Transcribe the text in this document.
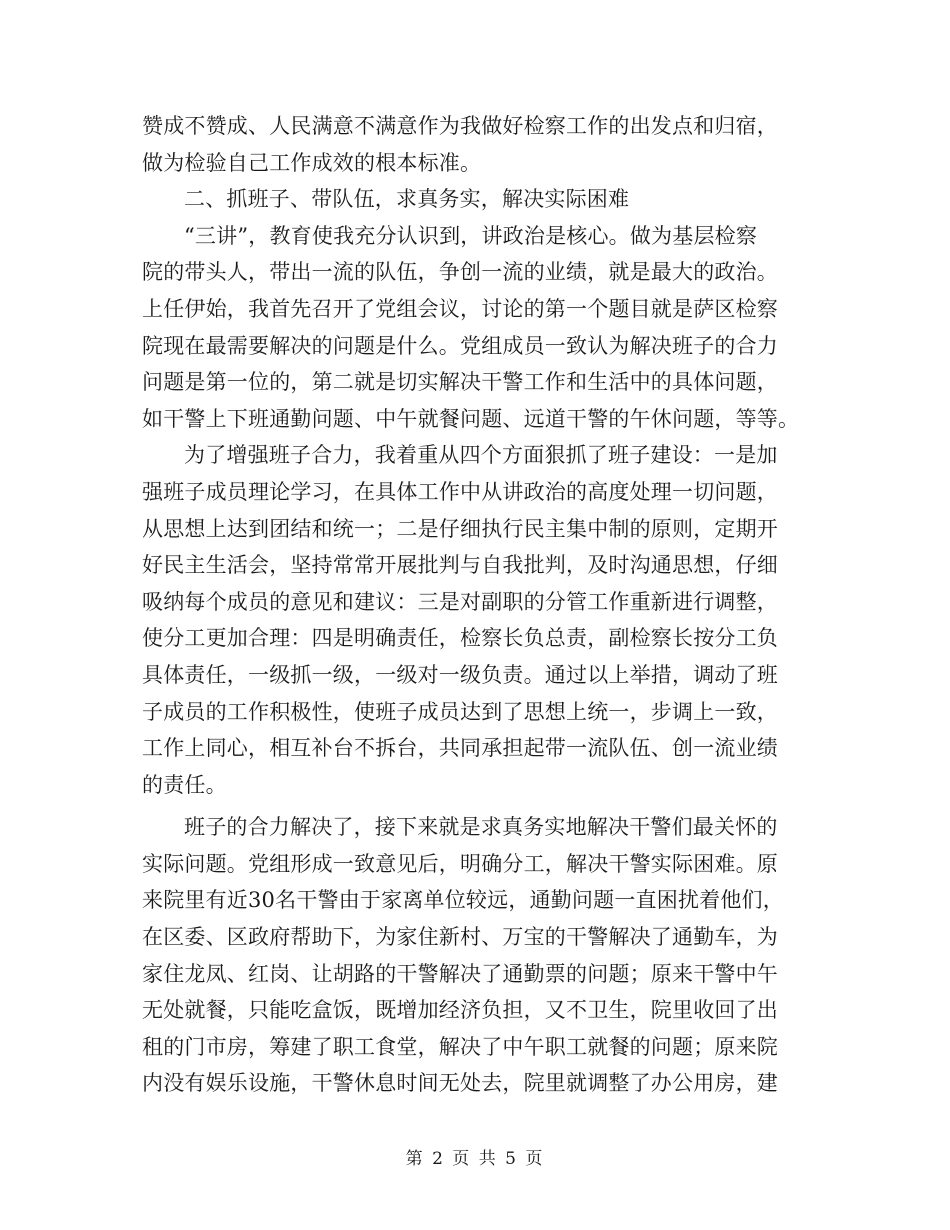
赞成不赞成、人民满意不满意作为我做好检察工作的出发点和归宿，
做为检验自己工作成效的根本标准。
二、抓班子、带队伍，求真务实，解决实际困难
“三讲”，教育使我充分认识到，讲政治是核心。做为基层检察
院的带头人，带出一流的队伍，争创一流的业绩，就是最大的政治。
上任伊始，我首先召开了党组会议，讨论的第一个题目就是萨区检察
院现在最需要解决的问题是什么。党组成员一致认为解决班子的合力
问题是第一位的，第二就是切实解决干警工作和生活中的具体问题，
如干警上下班通勤问题、中午就餐问题、远道干警的午休问题，等等。
为了增强班子合力，我着重从四个方面狠抓了班子建设：一是加
强班子成员理论学习，在具体工作中从讲政治的高度处理一切问题，
从思想上达到团结和统一；二是仔细执行民主集中制的原则，定期开
好民主生活会，坚持常常开展批判与自我批判，及时沟通思想，仔细
吸纳每个成员的意见和建议：三是对副职的分管工作重新进行调整，
使分工更加合理：四是明确责任，检察长负总责，副检察长按分工负
具体责任，一级抓一级，一级对一级负责。通过以上举措，调动了班
子成员的工作积极性，使班子成员达到了思想上统一，步调上一致，
工作上同心，相互补台不拆台，共同承担起带一流队伍、创一流业绩
的责任。
班子的合力解决了，接下来就是求真务实地解决干警们最关怀的
实际问题。党组形成一致意见后，明确分工，解决干警实际困难。原
来院里有近30名干警由于家离单位较远，通勤问题一直困扰着他们，
在区委、区政府帮助下，为家住新村、万宝的干警解决了通勤车，为
家住龙凤、红岗、让胡路的干警解决了通勤票的问题；原来干警中午
无处就餐，只能吃盒饭，既增加经济负担，又不卫生，院里收回了出
租的门市房，筹建了职工食堂，解决了中午职工就餐的问题；原来院
内没有娱乐设施，干警休息时间无处去，院里就调整了办公用房，建
第 2 页 共 5 页
